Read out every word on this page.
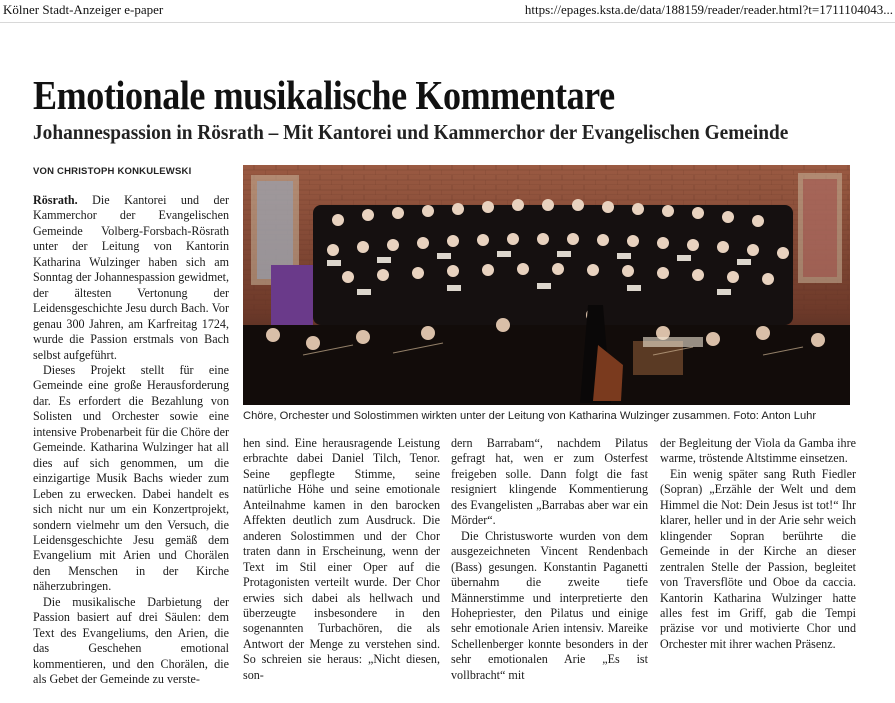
Kölner Stadt-Anzeiger e-paper	https://epages.ksta.de/data/188159/reader/reader.html?t=1711104043...
Emotionale musikalische Kommentare
Johannespassion in Rösrath – Mit Kantorei und Kammerchor der Evangelischen Gemeinde
VON CHRISTOPH KONKULEWSKI

Rösrath. Die Kantorei und der Kammerchor der Evangelischen Gemeinde Volberg-Forsbach-Rösrath unter der Leitung von Kantorin Katharina Wulzinger haben sich am Sonntag der Johannespassion gewidmet, der ältesten Vertonung der Leidensgeschichte Jesu durch Bach. Vor genau 300 Jahren, am Karfreitag 1724, wurde die Passion erstmals von Bach selbst aufgeführt.

Dieses Projekt stellt für eine Gemeinde eine große Herausforderung dar. Es erfordert die Bezahlung von Solisten und Orchester sowie eine intensive Probenarbeit für die Chöre der Gemeinde. Katharina Wulzinger hat all dies auf sich genommen, um die einzigartige Musik Bachs wieder zum Leben zu erwecken. Dabei handelt es sich nicht nur um ein Konzertprojekt, sondern vielmehr um den Versuch, die Leidensgeschichte Jesu gemäß dem Evangelium mit Arien und Chorälen den Menschen in der Kirche näherzubringen.

Die musikalische Darbietung der Passion basiert auf drei Säulen: dem Text des Evangeliums, den Arien, die das Geschehen emotional kommentieren, und den Chorälen, die als Gebet der Gemeinde zu verste-

Chöre, Orchester und Solostimmen wirkten unter der Leitung von Katharina Wulzinger zusammen. Foto: Anton Luhr

hen sind. Eine herausragende Leistung erbrachte dabei Daniel Tilch, Tenor. Seine gepflegte Stimme, seine natürliche Höhe und seine emotionale Anteilnahme kamen in den barocken Affekten deutlich zum Ausdruck. Die anderen Solostimmen und der Chor traten dann in Erscheinung, wenn der Text im Stil einer Oper auf die Protagonisten verteilt wurde. Der Chor erwies sich dabei als hellwach und überzeugte insbesondere in den sogenannten Turbachören, die als Antwort der Menge zu verstehen sind. So schreien sie heraus: „Nicht diesen, son-

dern Barrabam“, nachdem Pilatus gefragt hat, wen er zum Osterfest freigeben solle. Dann folgt die fast resigniert klingende Kommentierung des Evangelisten „Barrabas aber war ein Mörder“.

Die Christusworte wurden von dem ausgezeichneten Vincent Rendenbach (Bass) gesungen. Konstantin Paganetti übernahm die zweite tiefe Männerstimme und interpretierte den Hohepriester, den Pilatus und einige sehr emotionale Arien intensiv. Mareike Schellenberger konnte besonders in der sehr emotionalen Arie „Es ist vollbracht“ mit

der Begleitung der Viola da Gamba ihre warme, tröstende Altstimme einsetzen.

Ein wenig später sang Ruth Fiedler (Sopran) „Erzähle der Welt und dem Himmel die Not: Dein Jesus ist tot!“ Ihr klarer, heller und in der Arie sehr weich klingender Sopran berührte die Gemeinde in der Kirche an dieser zentralen Stelle der Passion, begleitet von Traversflöte und Oboe da caccia. Kantorin Katharina Wulzinger hatte alles fest im Griff, gab die Tempi präzise vor und motivierte Chor und Orchester mit ihrer wachen Präsenz.
